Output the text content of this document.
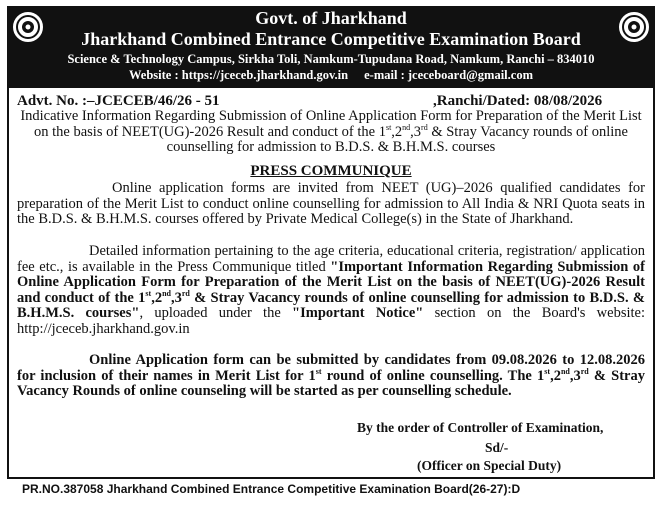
Govt. of Jharkhand
Jharkhand Combined Entrance Competitive Examination Board
Science & Technology Campus, Sirkha Toli, Namkum-Tupudana Road, Namkum, Ranchi – 834010
Website : https://jceceb.jharkhand.gov.in e-mail : jceceboard@gmail.com
Advt. No. :–JCECEB/46/26 - 51	,Ranchi/Dated: 08/08/2026
Indicative Information Regarding Submission of Online Application Form for Preparation of the Merit List on the basis of NEET(UG)-2026 Result and conduct of the 1st,2nd,3rd & Stray Vacancy rounds of online counselling for admission to B.D.S. & B.H.M.S. courses
PRESS COMMUNIQUE
Online application forms are invited from NEET (UG)–2026 qualified candidates for preparation of the Merit List to conduct online counselling for admission to All India & NRI Quota seats in the B.D.S. & B.H.M.S. courses offered by Private Medical College(s) in the State of Jharkhand.
Detailed information pertaining to the age criteria, educational criteria, registration/ application fee etc., is available in the Press Communique titled "Important Information Regarding Submission of Online Application Form for Preparation of the Merit List on the basis of NEET(UG)-2026 Result and conduct of the 1st,2nd,3rd & Stray Vacancy rounds of online counselling for admission to B.D.S. & B.H.M.S. courses", uploaded under the "Important Notice" section on the Board's website: http://jceceb.jharkhand.gov.in
Online Application form can be submitted by candidates from 09.08.2026 to 12.08.2026 for inclusion of their names in Merit List for 1st round of online counselling. The 1st,2nd,3rd & Stray Vacancy Rounds of online counseling will be started as per counselling schedule.
By the order of Controller of Examination,
Sd/-
(Officer on Special Duty)
PR.NO.387058 Jharkhand Combined Entrance Competitive Examination Board(26-27):D
